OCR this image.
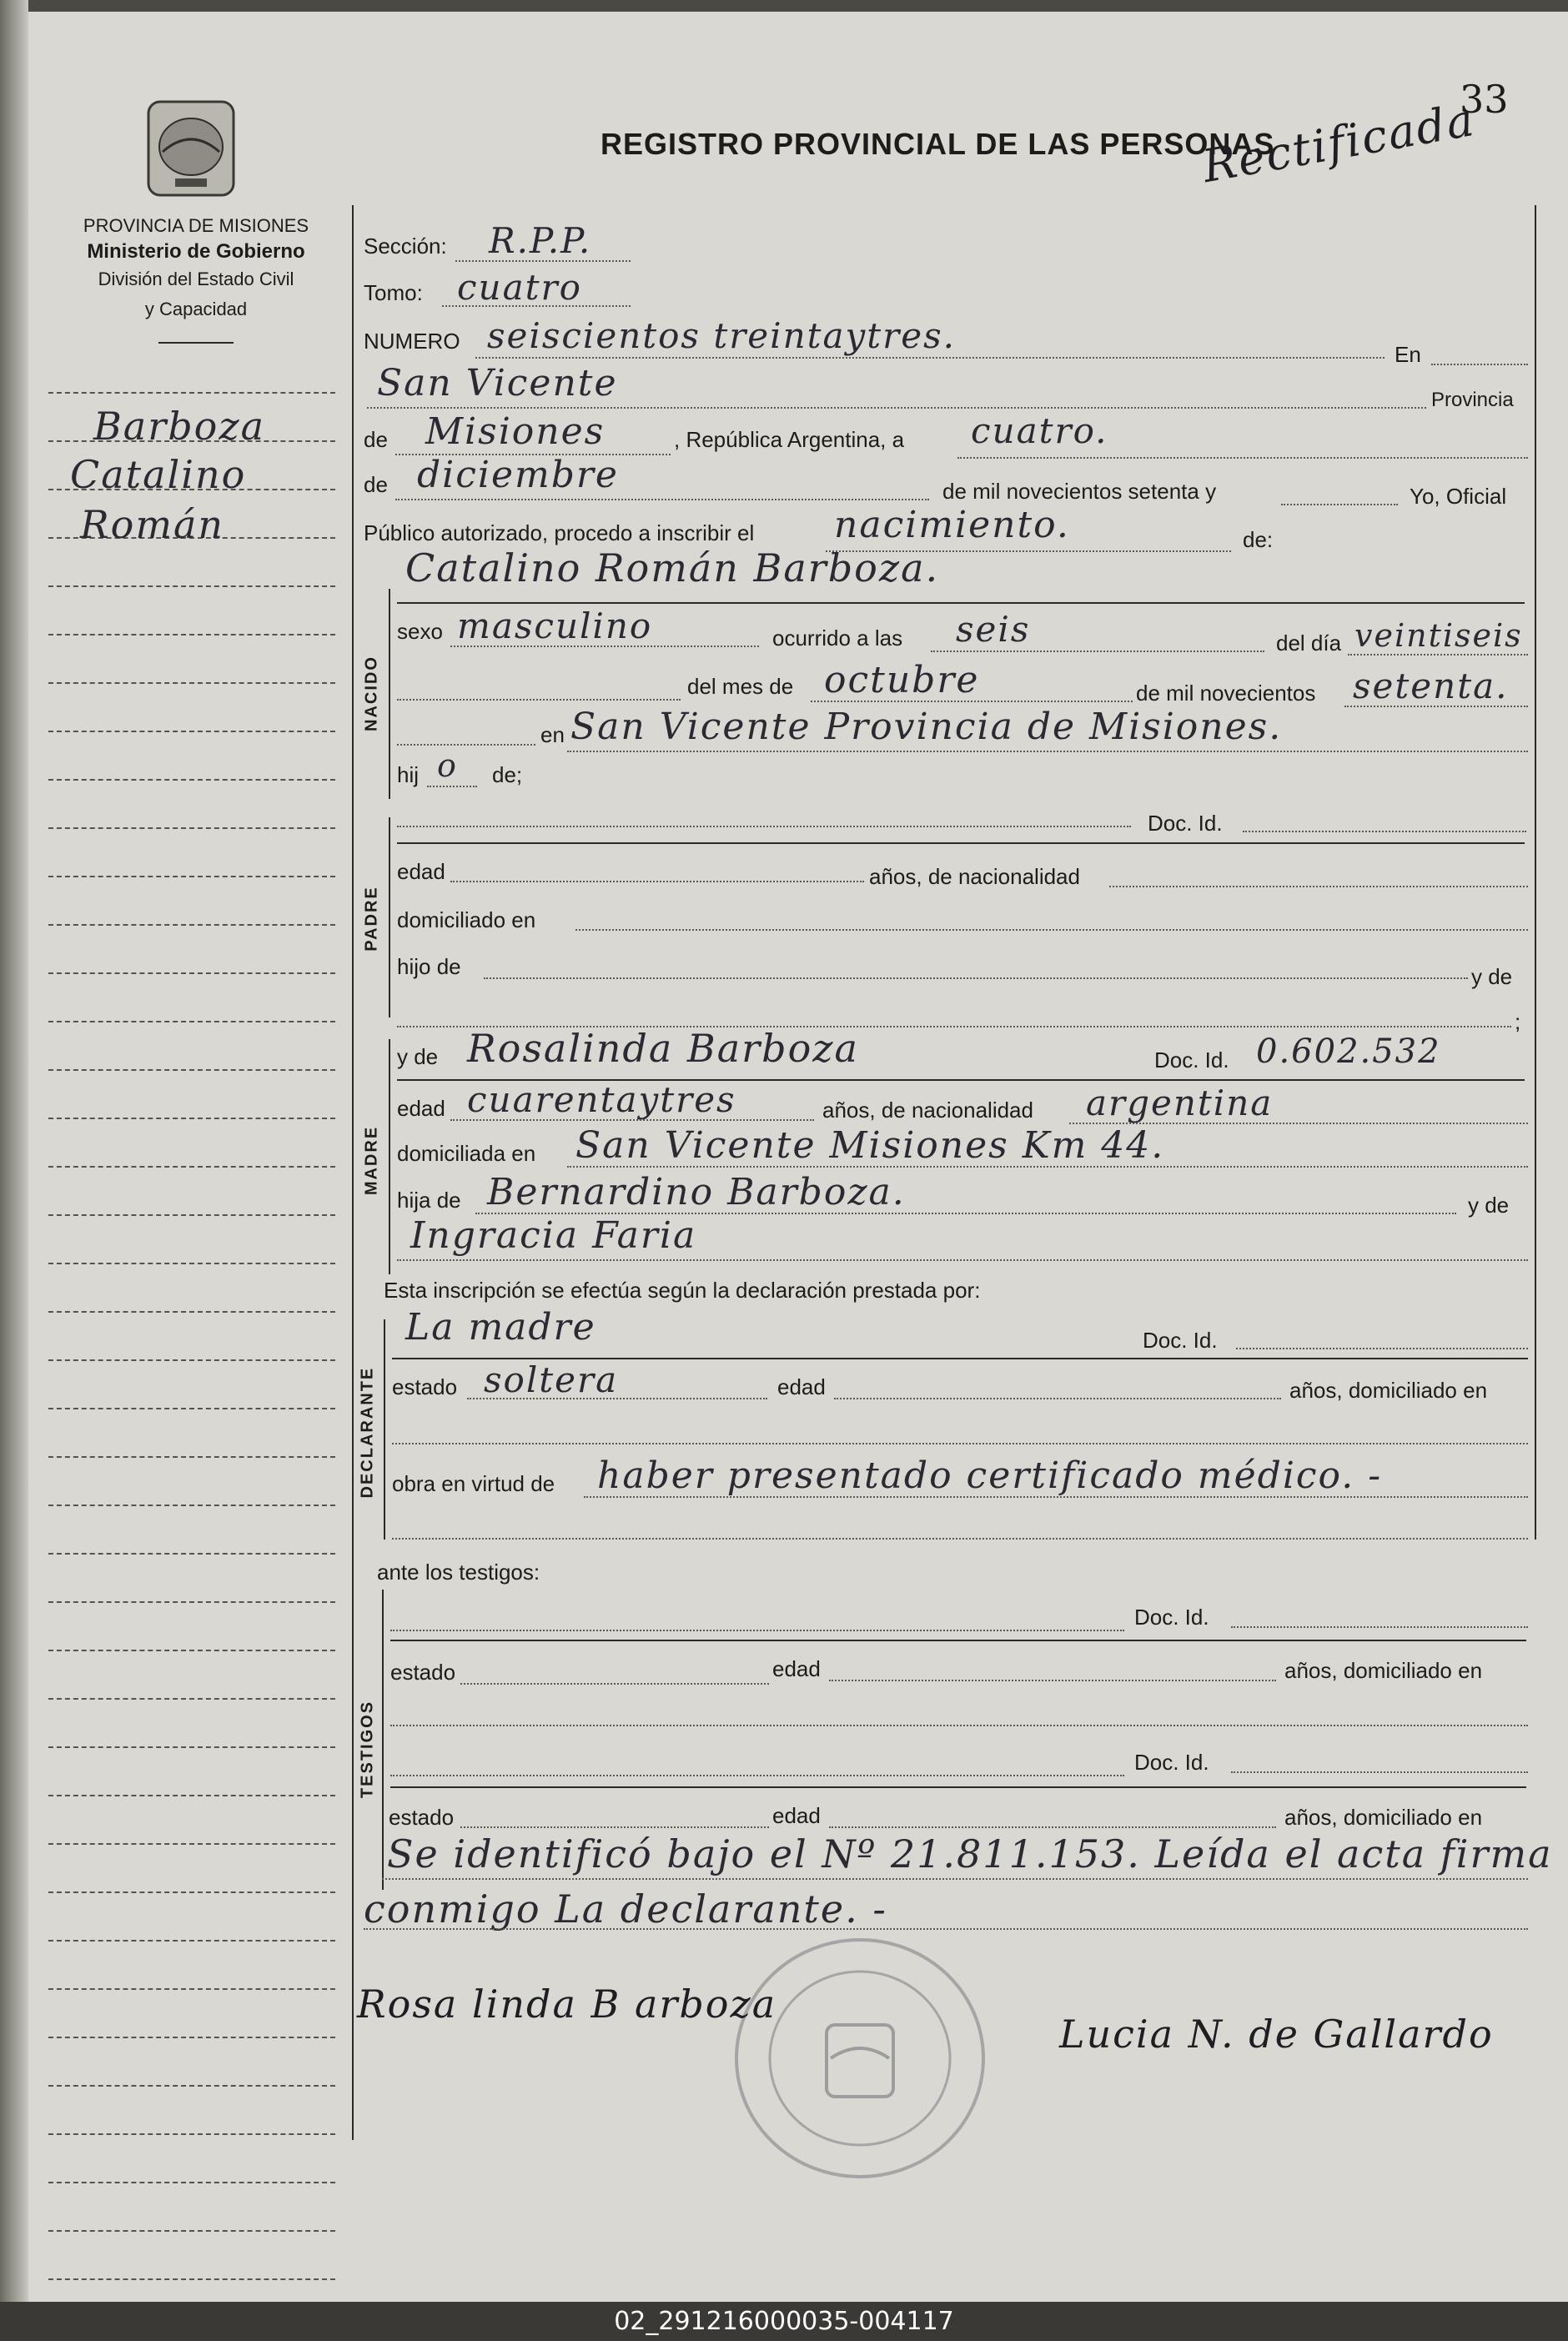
33
PROVINCIA DE MISIONES
Ministerio de Gobierno
División del Estado Civil
y Capacidad
REGISTRO PROVINCIAL DE LAS PERSONAS
Rectificada
Barboza
Catalino
Román
Sección: R.P.P.
Tomo: cuatro
NUMERO seiscientos treintaytres.	En
San Vicente	Provincia
de Misiones	, República Argentina, a cuatro.
de diciembre	de mil novecientos setenta y	Yo, Oficial
Público autorizado, procedo a inscribir el nacimiento.	de:
NACIDO
Catalino Román Barboza.
sexo masculino	ocurrido a las seis	del día veintiseis
del mes de octubre	de mil novecientos setenta.
en San Vicente Provincia de Misiones.
hij o de;
PADRE
Doc. Id.
edad	años, de nacionalidad
domiciliado en
hijo de	y de
;
MADRE
y de Rosalinda Barboza	Doc. Id. 0.602.532
edad cuarentaytres	años, de nacionalidad argentina
domiciliada en San Vicente Misiones Km 44.
hija de Bernardino Barboza.	y de
Ingracia Faria
Esta inscripción se efectúa según la declaración prestada por:
DECLARANTE
La madre	Doc. Id.
estado soltera	edad	años, domiciliado en
obra en virtud de haber presentado certificado médico. -
ante los testigos:
TESTIGOS
Doc. Id.
estado	edad	años, domiciliado en
Doc. Id.
estado	edad	años, domiciliado en
Se identificó bajo el Nº 21.811.153. Leída el acta firma
conmigo La declarante. -
Rosa linda B arboza
Lucia N. de Gallardo
02_291216000035-004117
